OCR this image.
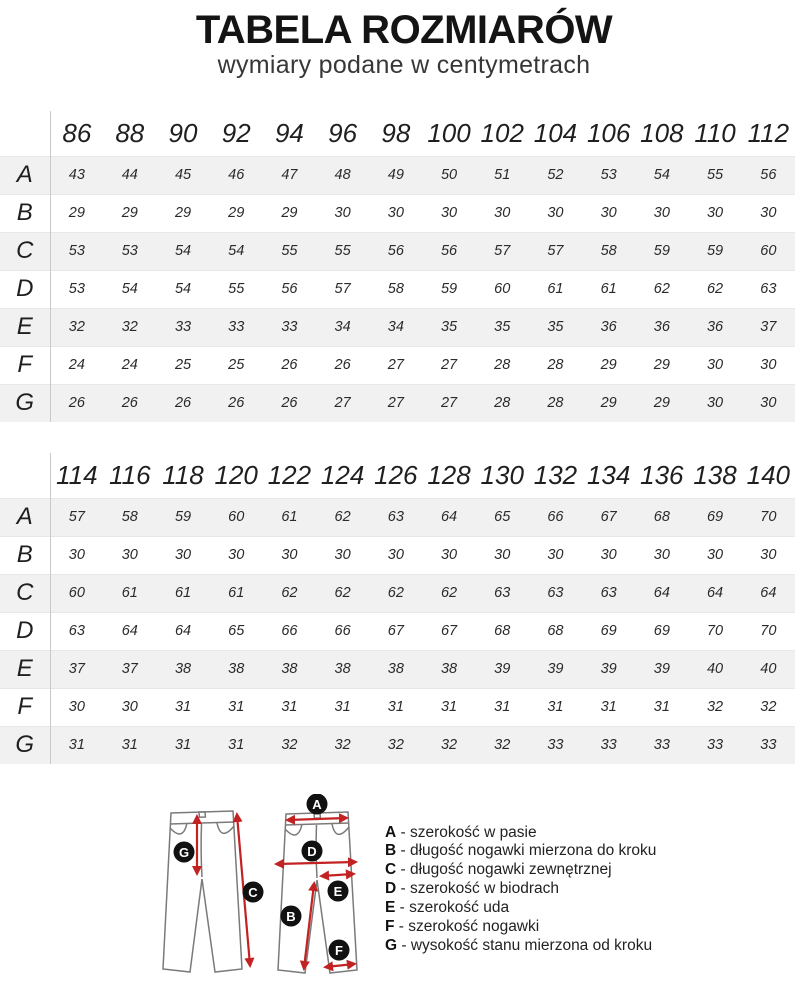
TABELA ROZMIARÓW

wymiary podane w centymetrach

	86	88	90	92	94	96	98	100	102	104	106	108	110	112
A	43	44	45	46	47	48	49	50	51	52	53	54	55	56
B	29	29	29	29	29	30	30	30	30	30	30	30	30	30
C	53	53	54	54	55	55	56	56	57	57	58	59	59	60
D	53	54	54	55	56	57	58	59	60	61	61	62	62	63
E	32	32	33	33	33	34	34	35	35	35	36	36	36	37
F	24	24	25	25	26	26	27	27	28	28	29	29	30	30
G	26	26	26	26	26	27	27	27	28	28	29	29	30	30
	114	116	118	120	122	124	126	128	130	132	134	136	138	140
A	57	58	59	60	61	62	63	64	65	66	67	68	69	70
B	30	30	30	30	30	30	30	30	30	30	30	30	30	30
C	60	61	61	61	62	62	62	62	63	63	63	64	64	64
D	63	64	64	65	66	66	67	67	68	68	69	69	70	70
E	37	37	38	38	38	38	38	38	39	39	39	39	40	40
F	30	30	31	31	31	31	31	31	31	31	31	31	32	32
G	31	31	31	31	32	32	32	32	32	33	33	33	33	33
G
C
A
D
E
B
F
A - szerokość w pasie
B - długość nogawki mierzona do kroku
C - długość nogawki zewnętrznej
D - szerokość w biodrach
E - szerokość uda
F - szerokość nogawki
G - wysokość stanu mierzona od kroku
